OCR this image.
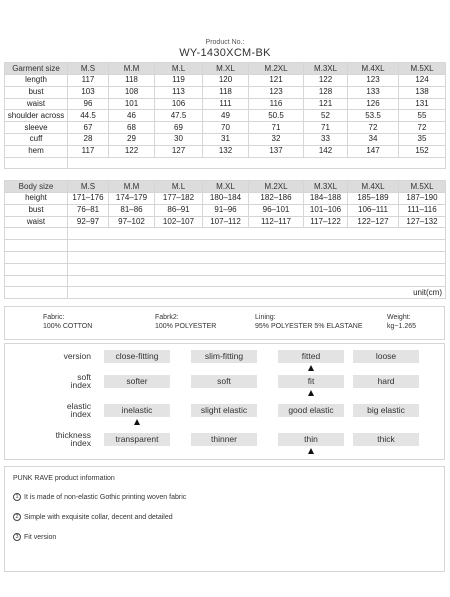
Product No.:
WY-1430XCM-BK
Garment size	M.S	M.M	M.L	M.XL	M.2XL	M.3XL	M.4XL	M.5XL
length	117	118	119	120	121	122	123	124
bust	103	108	113	118	123	128	133	138
waist	96	101	106	111	116	121	126	131
shoulder across	44.5	46	47.5	49	50.5	52	53.5	55
sleeve	67	68	69	70	71	71	72	72
cuff	28	29	30	31	32	33	34	35
hem	117	122	127	132	137	142	147	152

Body size	M.S	M.M	M.L	M.XL	M.2XL	M.3XL	M.4XL	M.5XL
height	171–176	174–179	177–182	180–184	182–186	184–188	185–189	187–190
bust	76–81	81–86	86–91	91–96	96–101	101–106	106–111	111–116
waist	92–97	97–102	102–107	107–112	112–117	117–122	122–127	127–132

	unit(cm)							
Fabric:
100% COTTON
Fabrk2:
100% POLYESTER
Lining:
95% POLYESTER 5% ELASTANE
Weight:
kg~1.265
version	close-fitting	slim-fitting	fitted	loose
soft
index	softer	soft	fit	hard
elastic
index	inelastic	slight elastic	good elastic	big elastic
thickness
index	transparent	thinner	thin	thick
PUNK RAVE product information
1 It is made of non-elastic Gothic printing woven fabric
2 Simple with exquisite collar, decent and detailed
3 Fit version
